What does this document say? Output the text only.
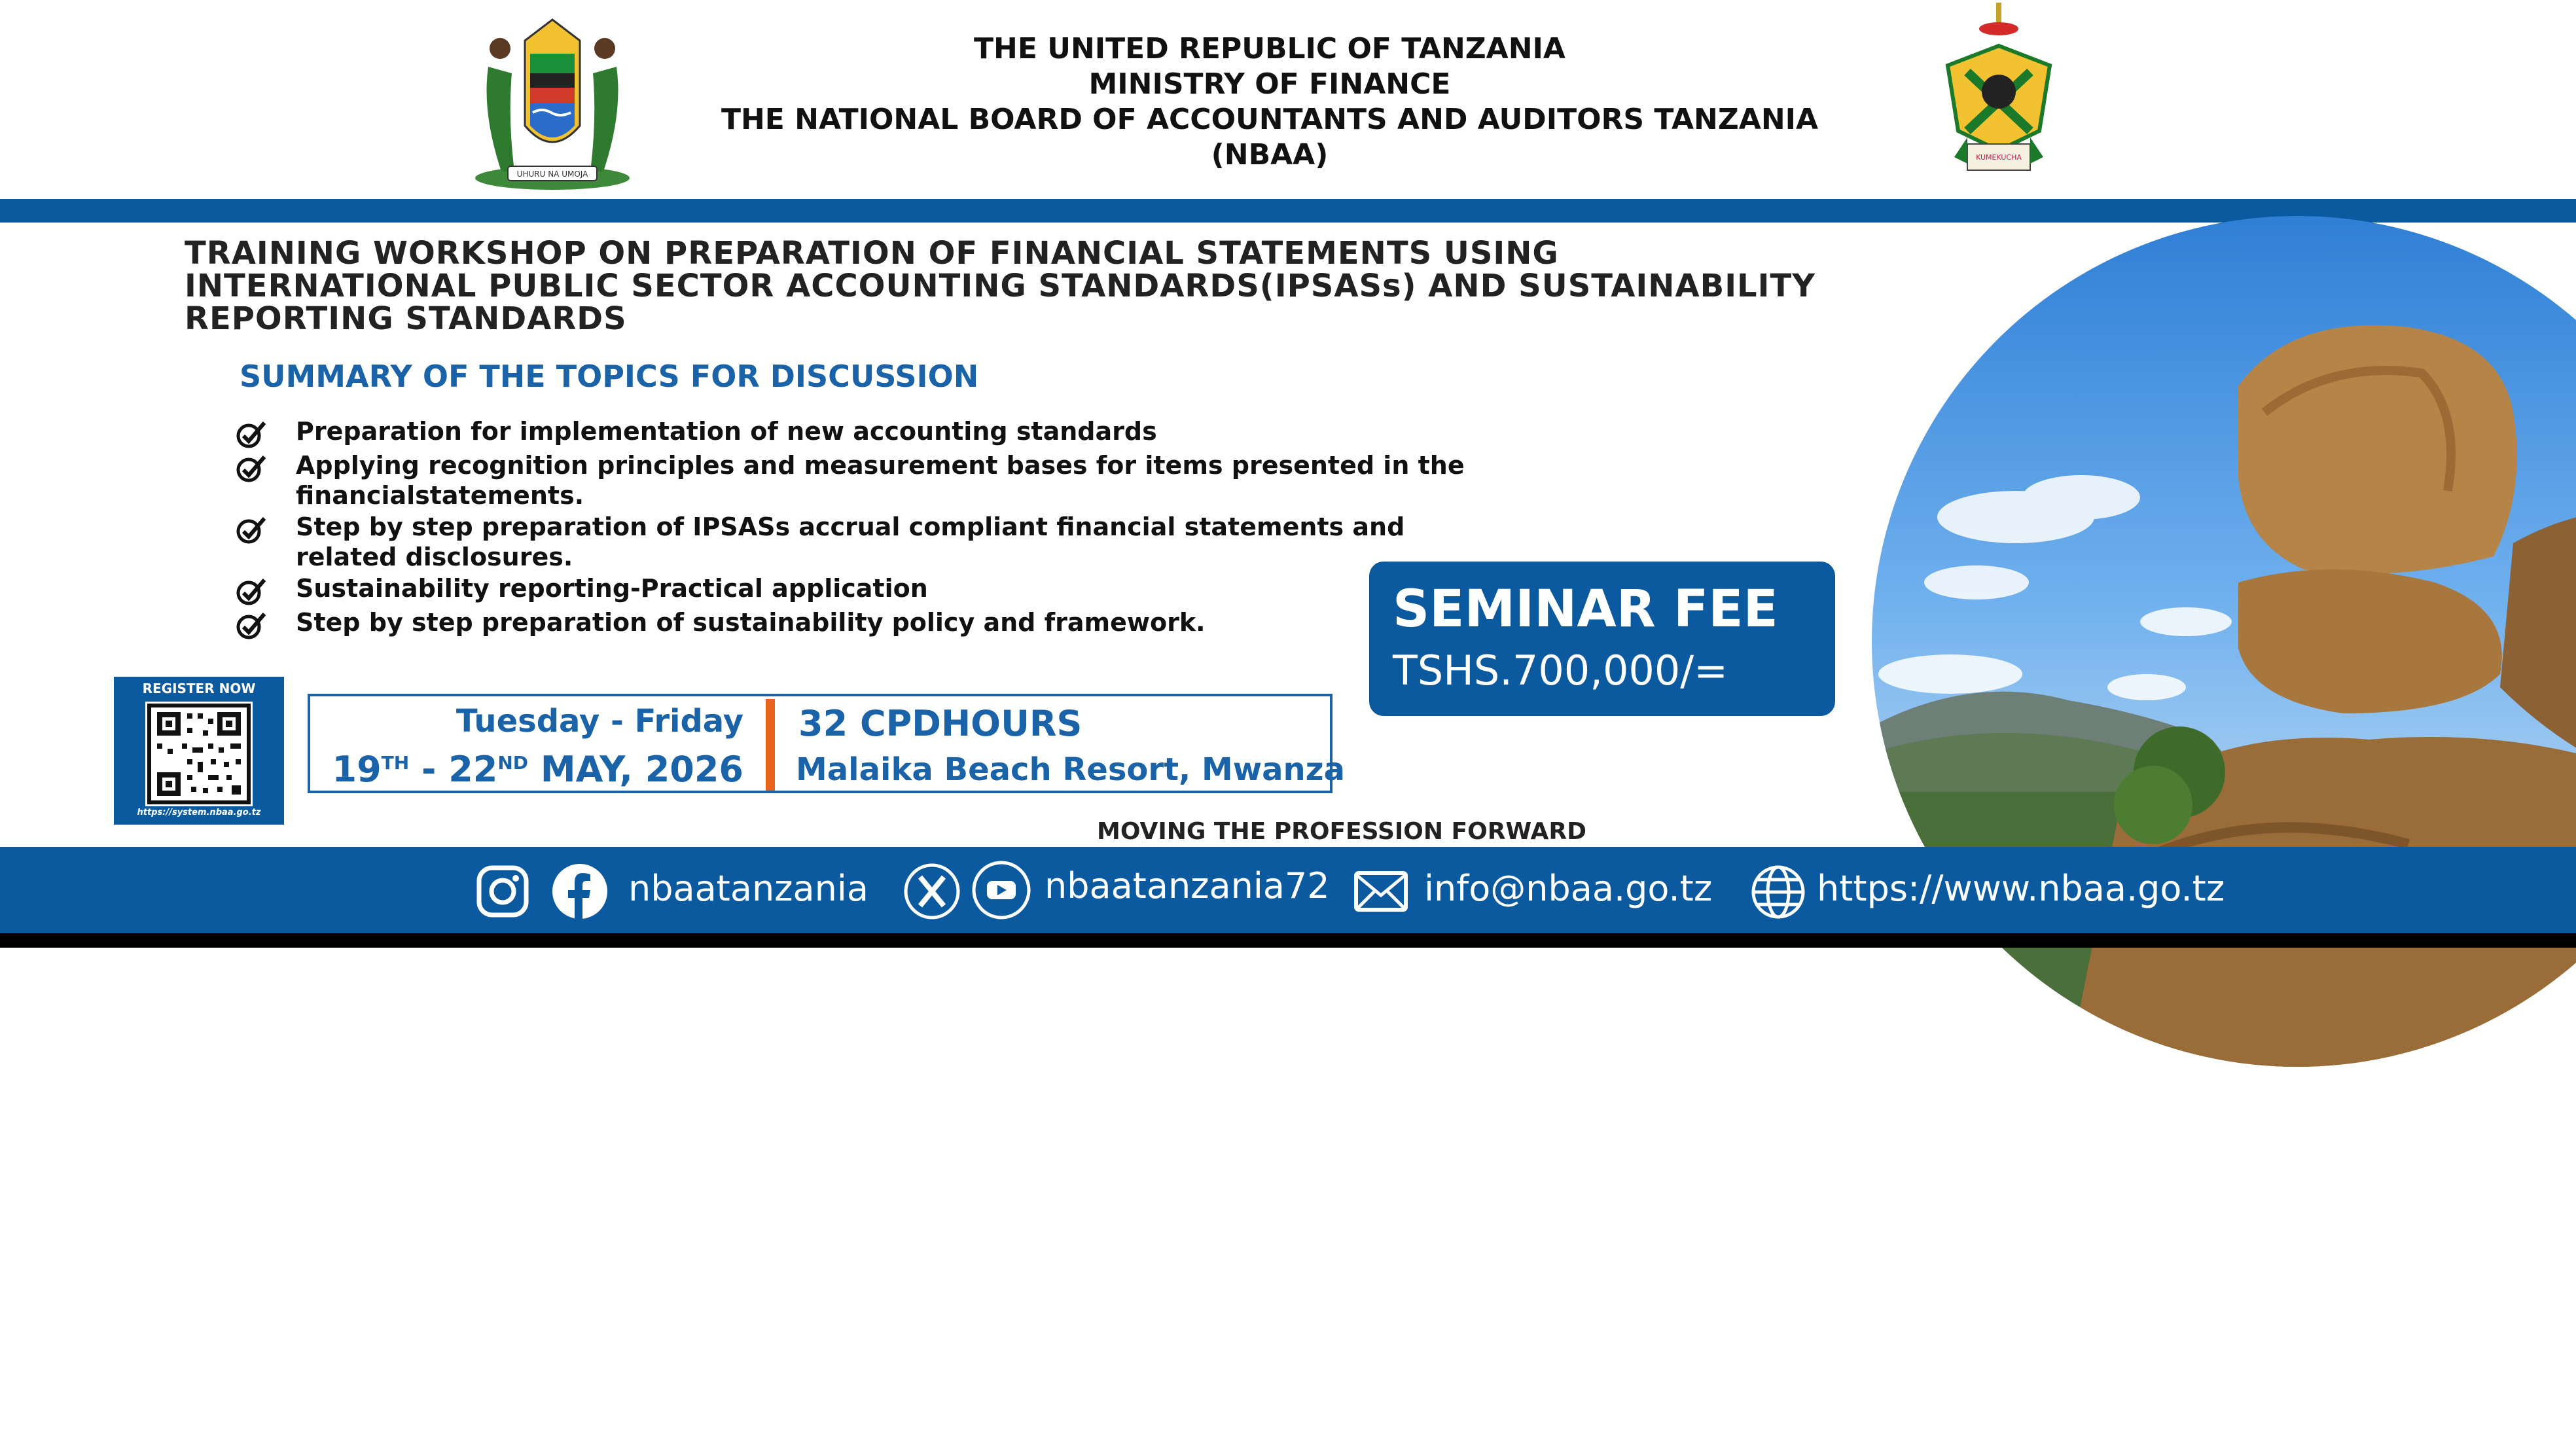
UHURU NA UMOJA
THE UNITED REPUBLIC OF TANZANIA
MINISTRY OF FINANCE
THE NATIONAL BOARD OF ACCOUNTANTS AND AUDITORS TANZANIA
(NBAA)	KUMEKUCHA
TRAINING WORKSHOP ON PREPARATION OF FINANCIAL STATEMENTS USING
INTERNATIONAL PUBLIC SECTOR ACCOUNTING STANDARDS(IPSASs) AND SUSTAINABILITY
REPORTING STANDARDS
SUMMARY OF THE TOPICS FOR DISCUSSION
Preparation for implementation of new accounting standards
Applying recognition principles and measurement bases for items presented in the
financialstatements.
Step by step preparation of IPSASs accrual compliant financial statements and
related disclosures.
Sustainability reporting-Practical application
Step by step preparation of sustainability policy and framework.	SEMINAR FEE
TSHS.700,000/=
REGISTER NOW
https://system.nbaa.go.tz
Tuesday - Friday
19TH - 22ND MAY, 2026
32 CPDHOURS
Malaika Beach Resort, Mwanza
MOVING THE PROFESSION FORWARD
nbaatanzania	nbaatanzania72	info@nbaa.go.tz	https://www.nbaa.go.tz
